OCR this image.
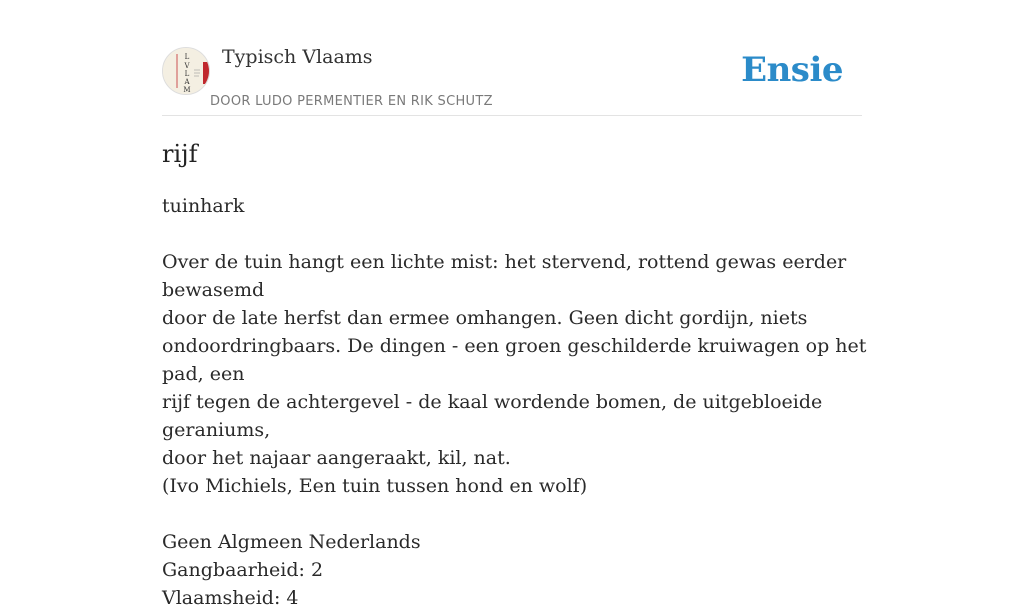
L
V
L
A
M
Typisch Vlaams
DOOR LUDO PERMENTIER EN RIK SCHUTZ
Ensie
rijf

tuinhark

Over de tuin hangt een lichte mist: het stervend, rottend gewas eerder bewasemd

door de late herfst dan ermee omhangen. Geen dicht gordijn, niets

ondoordringbaars. De dingen - een groen geschilderde kruiwagen op het pad, een

rijf tegen de achtergevel - de kaal wordende bomen, de uitgebloeide geraniums,

door het najaar aangeraakt, kil, nat.

(Ivo Michiels, Een tuin tussen hond en wolf)

Geen Algmeen Nederlands

Gangbaarheid: 2

Vlaamsheid: 4
